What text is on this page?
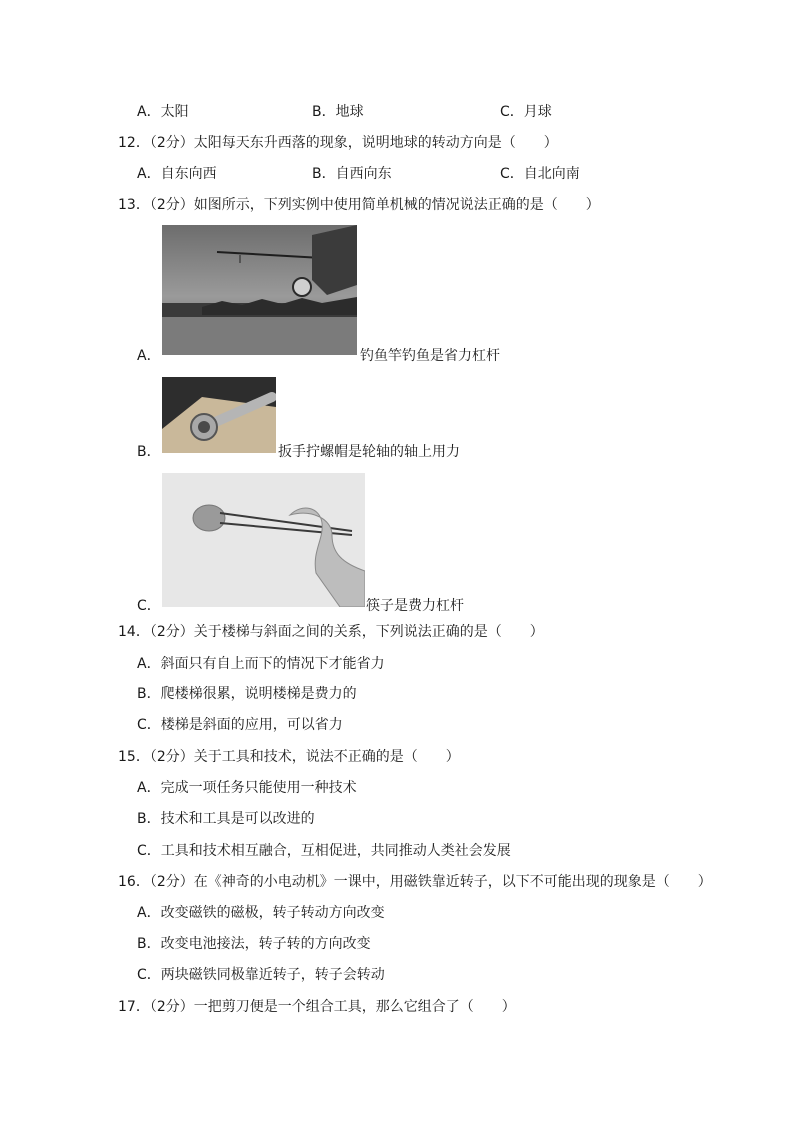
A．太阳	B．地球	C．月球
12．（2分）太阳每天东升西落的现象，说明地球的转动方向是（　　）
A．自东向西	B．自西向东	C．自北向南
13．（2分）如图所示，下列实例中使用简单机械的情况说法正确的是（　　）
A．	钓鱼竿钓鱼是省力杠杆
B．	扳手拧螺帽是轮轴的轴上用力
C．	筷子是费力杠杆
14．（2分）关于楼梯与斜面之间的关系，下列说法正确的是（　　）
A．斜面只有自上而下的情况下才能省力
B．爬楼梯很累，说明楼梯是费力的
C．楼梯是斜面的应用，可以省力
15．（2分）关于工具和技术，说法不正确的是（　　）
A．完成一项任务只能使用一种技术
B．技术和工具是可以改进的
C．工具和技术相互融合，互相促进，共同推动人类社会发展
16．（2分）在《神奇的小电动机》一课中，用磁铁靠近转子，以下不可能出现的现象是（　　）
A．改变磁铁的磁极，转子转动方向改变
B．改变电池接法，转子转的方向改变
C．两块磁铁同极靠近转子，转子会转动
17．（2分）一把剪刀便是一个组合工具，那么它组合了（　　）
